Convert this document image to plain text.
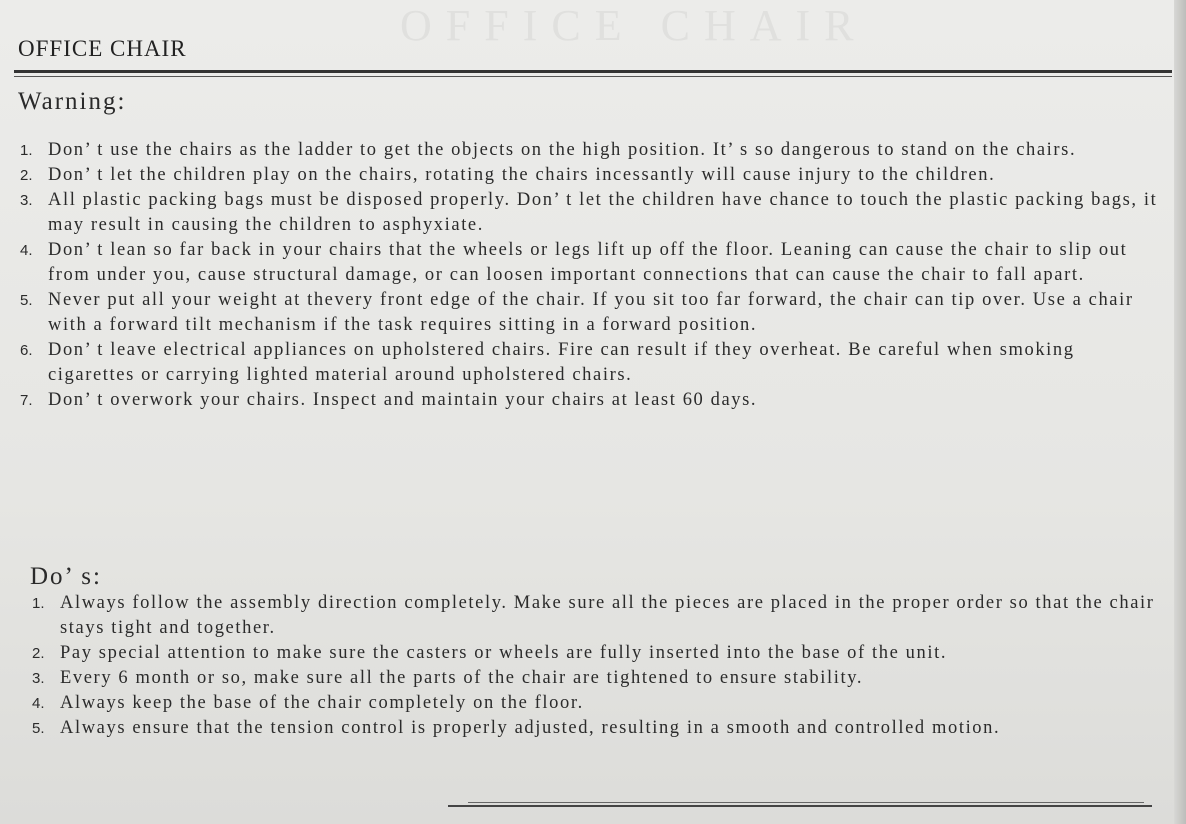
OFFICE CHAIR
OFFICE CHAIR
Warning:
1. Don’ t use the chairs as the ladder to get the objects on the high position. It’ s so dangerous to stand on the chairs.
2. Don’ t let the children play on the chairs, rotating the chairs incessantly will cause injury to the children.
3. All plastic packing bags must be disposed properly. Don’ t let the children have chance to touch the plastic packing bags, it may result in causing the children to asphyxiate.
4. Don’ t lean so far back in your chairs that the wheels or legs lift up off the floor. Leaning can cause the chair to slip out from under you, cause structural damage, or can loosen important connections that can cause the chair to fall apart.
5. Never put all your weight at thevery front edge of the chair. If you sit too far forward, the chair can tip over. Use a chair with a forward tilt mechanism if the task requires sitting in a forward position.
6. Don’ t leave electrical appliances on upholstered chairs. Fire can result if they overheat. Be careful when smoking cigarettes or carrying lighted material around upholstered chairs.
7. Don’ t overwork your chairs. Inspect and maintain your chairs at least 60 days.
Do’ s:
1. Always follow the assembly direction completely. Make sure all the pieces are placed in the proper order so that the chair stays tight and together.
2. Pay special attention to make sure the casters or wheels are fully inserted into the base of the unit.
3. Every 6 month or so, make sure all the parts of the chair are tightened to ensure stability.
4. Always keep the base of the chair completely on the floor.
5. Always ensure that the tension control is properly adjusted, resulting in a smooth and controlled motion.
